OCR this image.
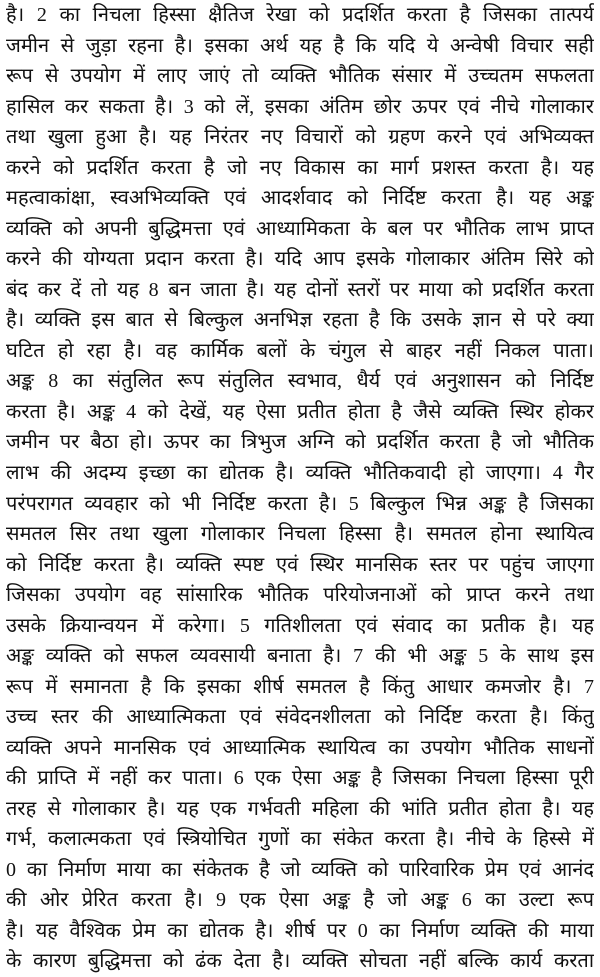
है। 2 का निचला हिस्सा क्षैतिज रेखा को प्रदर्शित करता है जिसका तात्पर्य
जमीन से जुड़ा रहना है। इसका अर्थ यह है कि यदि ये अन्वेषी विचार सही
रूप से उपयोग में लाए जाएं तो व्यक्ति भौतिक संसार में उच्चतम सफलता
हासिल कर सकता है। 3 को लें, इसका अंतिम छोर ऊपर एवं नीचे गोलाकार
तथा खुला हुआ है। यह निरंतर नए विचारों को ग्रहण करने एवं अभिव्यक्त
करने को प्रदर्शित करता है जो नए विकास का मार्ग प्रशस्त करता है। यह
महत्वाकांक्षा, स्वअभिव्यक्ति एवं आदर्शवाद को निर्दिष्ट करता है। यह अङ्क
व्यक्ति को अपनी बुद्धिमत्ता एवं आध्यामिकता के बल पर भौतिक लाभ प्राप्त
करने की योग्यता प्रदान करता है। यदि आप इसके गोलाकार अंतिम सिरे को
बंद कर दें तो यह 8 बन जाता है। यह दोनों स्तरों पर माया को प्रदर्शित करता
है। व्यक्ति इस बात से बिल्कुल अनभिज्ञ रहता है कि उसके ज्ञान से परे क्या
घटित हो रहा है। वह कार्मिक बलों के चंगुल से बाहर नहीं निकल पाता।
अङ्क 8 का संतुलित रूप संतुलित स्वभाव, धैर्य एवं अनुशासन को निर्दिष्ट
करता है। अङ्क 4 को देखें, यह ऐसा प्रतीत होता है जैसे व्यक्ति स्थिर होकर
जमीन पर बैठा हो। ऊपर का त्रिभुज अग्नि को प्रदर्शित करता है जो भौतिक
लाभ की अदम्य इच्छा का द्योतक है। व्यक्ति भौतिकवादी हो जाएगा। 4 गैर
परंपरागत व्यवहार को भी निर्दिष्ट करता है। 5 बिल्कुल भिन्न अङ्क है जिसका
समतल सिर तथा खुला गोलाकार निचला हिस्सा है। समतल होना स्थायित्व
को निर्दिष्ट करता है। व्यक्ति स्पष्ट एवं स्थिर मानसिक स्तर पर पहुंच जाएगा
जिसका उपयोग वह सांसारिक भौतिक परियोजनाओं को प्राप्त करने तथा
उसके क्रियान्वयन में करेगा। 5 गतिशीलता एवं संवाद का प्रतीक है। यह
अङ्क व्यक्ति को सफल व्यवसायी बनाता है। 7 की भी अङ्क 5 के साथ इस
रूप में समानता है कि इसका शीर्ष समतल है किंतु आधार कमजोर है। 7
उच्च स्तर की आध्यात्मिकता एवं संवेदनशीलता को निर्दिष्ट करता है। किंतु
व्यक्ति अपने मानसिक एवं आध्यात्मिक स्थायित्व का उपयोग भौतिक साधनों
की प्राप्ति में नहीं कर पाता। 6 एक ऐसा अङ्क है जिसका निचला हिस्सा पूरी
तरह से गोलाकार है। यह एक गर्भवती महिला की भांति प्रतीत होता है। यह
गर्भ, कलात्मकता एवं स्त्रियोचित गुणों का संकेत करता है। नीचे के हिस्से में
0 का निर्माण माया का संकेतक है जो व्यक्ति को पारिवारिक प्रेम एवं आनंद
की ओर प्रेरित करता है। 9 एक ऐसा अङ्क है जो अङ्क 6 का उल्टा रूप
है। यह वैश्विक प्रेम का द्योतक है। शीर्ष पर 0 का निर्माण व्यक्ति की माया
के कारण बुद्धिमत्ता को ढंक देता है। व्यक्ति सोचता नहीं बल्कि कार्य करता
